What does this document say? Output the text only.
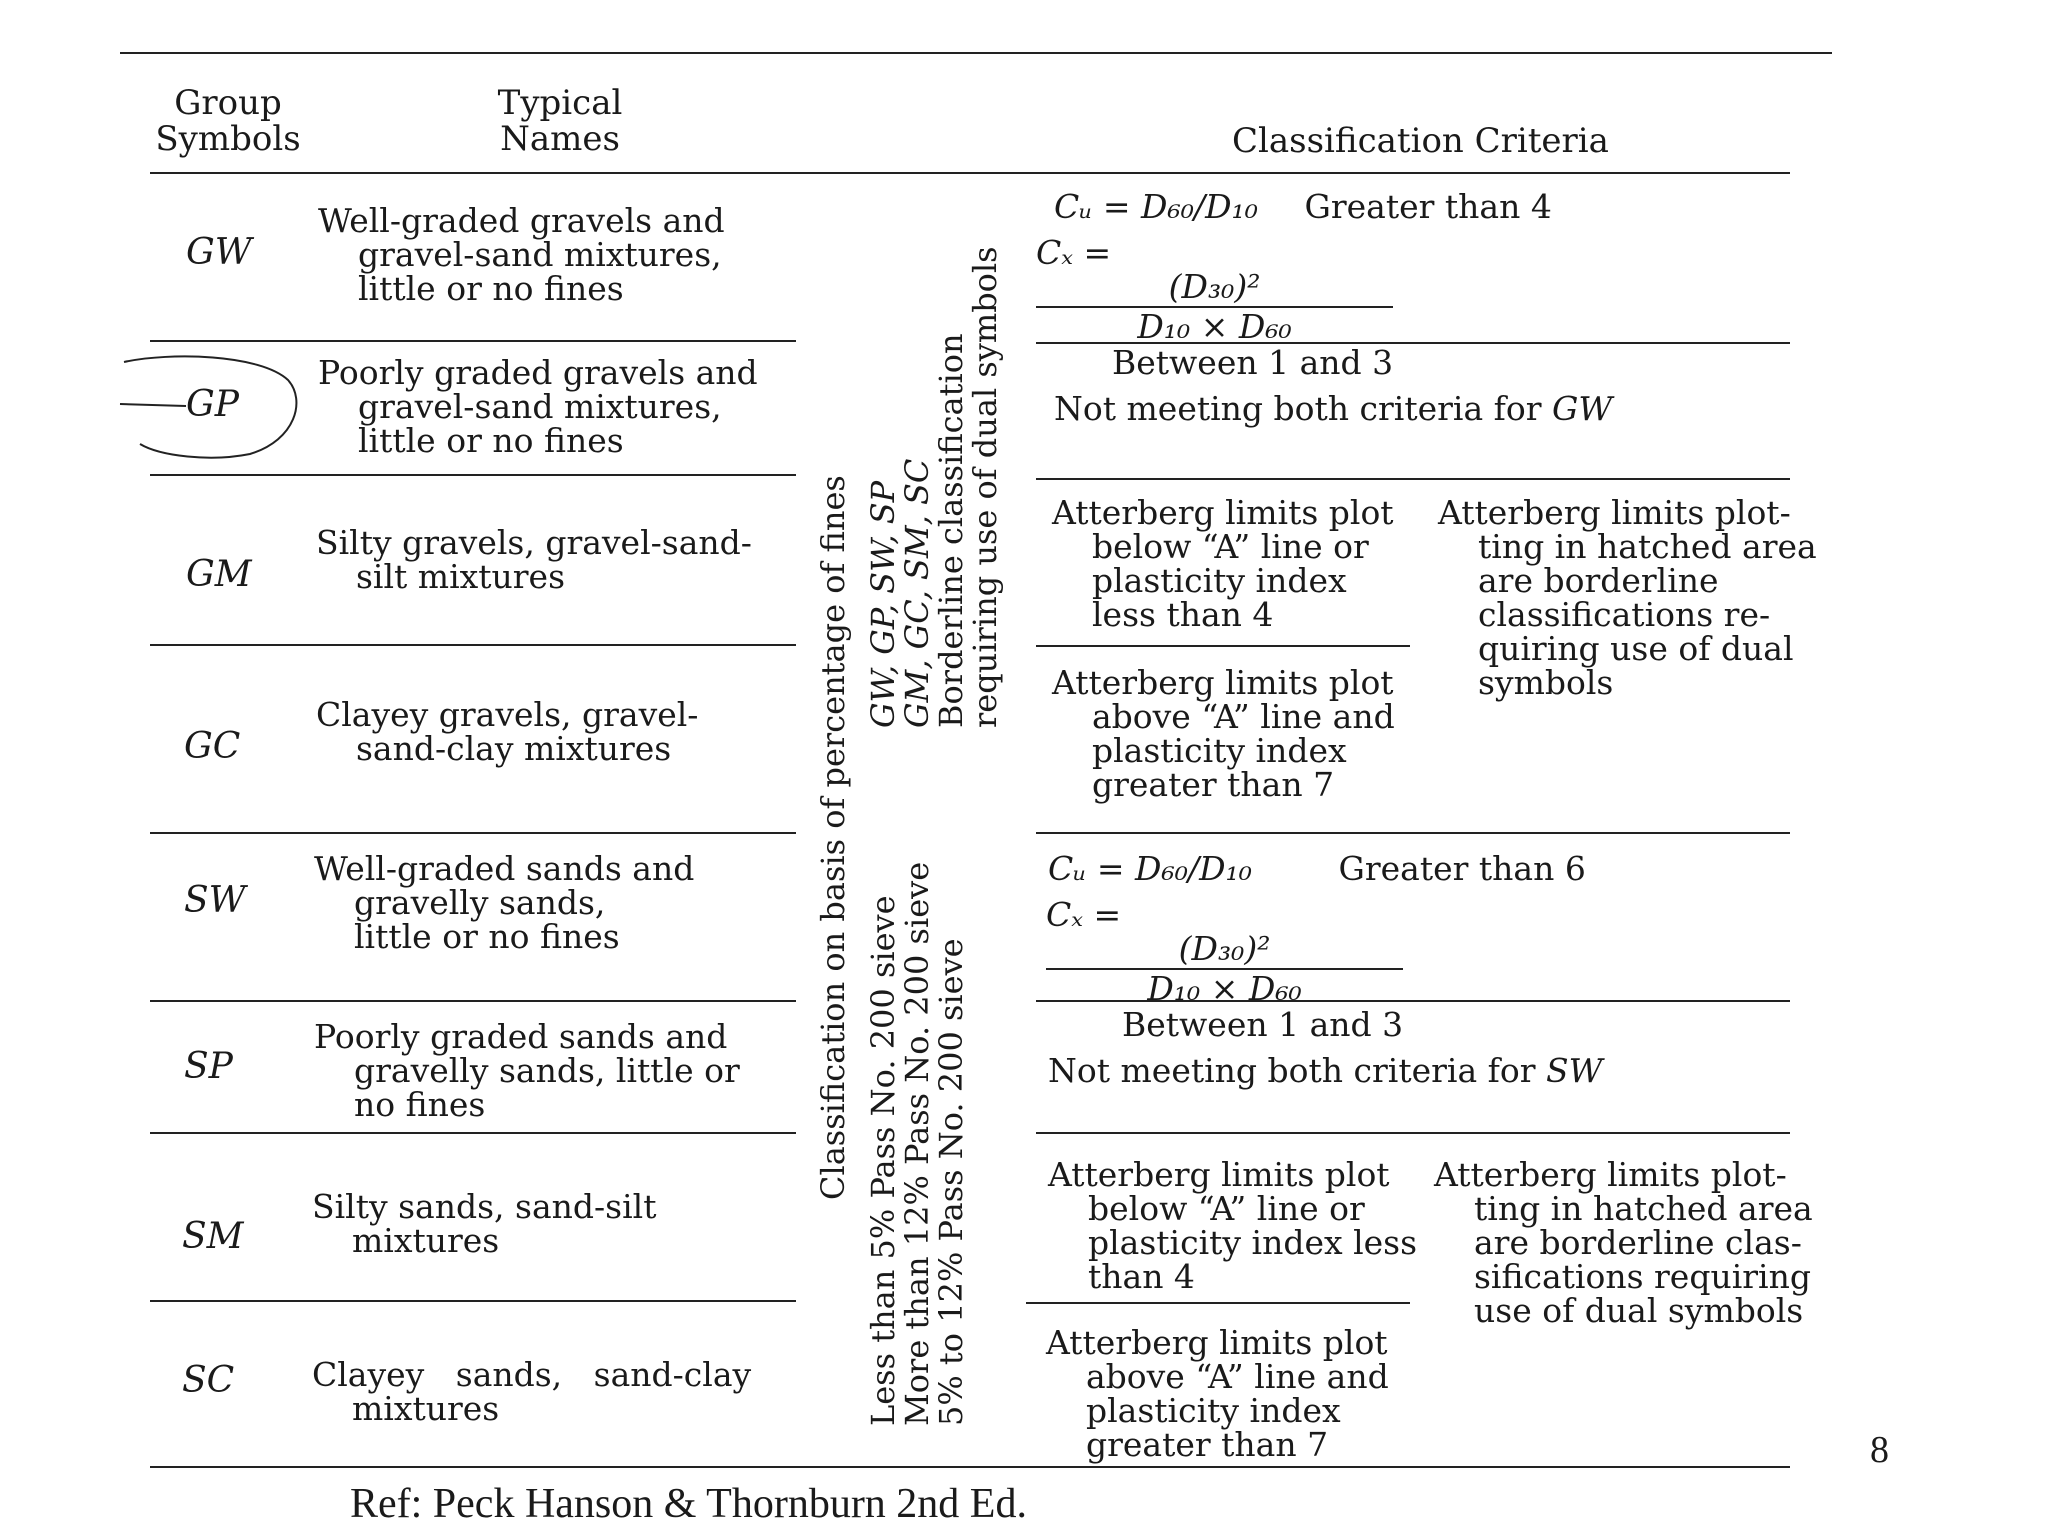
Group Symbols
Typical Names	Classification Criteria
GW
Well-graded gravels and
gravel-sand mixtures,
little or no fines
GP
Poorly graded gravels and
gravel-sand mixtures,
little or no fines
GM
Silty gravels, gravel-sand-
silt mixtures
GC
Clayey gravels, gravel-
sand-clay mixtures
SW
Well-graded sands and
gravelly sands,
little or no fines
SP
Poorly graded sands and
gravelly sands, little or
no fines
SM
Silty sands, sand-silt
mixtures
SC Clayey   sands,   sand-clay
mixtures
Classification on basis of percentage of fines Less than 5% Pass No. 200 sieve
More than 12% Pass No. 200 sieve
5% to 12% Pass No. 200 sieve
GW, GP, SW, SP
GM, GC, SM, SC
Borderline classification
requiring use of dual symbols
Cᵤ = D₆₀/D₁₀ Greater than 4
Cₓ =
(D₃₀)²
D₁₀ × D₆₀
Between 1 and 3
Not meeting both criteria for GW
Atterberg limits plot
below “A” line or
plasticity index
less than 4
Atterberg limits plot
above “A” line and
plasticity index
greater than 7
Atterberg limits plot-
ting in hatched area
are borderline
classifications re-
quiring use of dual
symbols
Cᵤ = D₆₀/D₁₀	Greater than 6
Cₓ =
(D₃₀)²
D₁₀ × D₆₀
Between 1 and 3
Not meeting both criteria for SW
Atterberg limits plot
below “A” line or
plasticity index less
than 4
Atterberg limits plot
above “A” line and
plasticity index
greater than 7
Atterberg limits plot-
ting in hatched area
are borderline clas-
sifications requiring
use of dual symbols
8
Ref: Peck Hanson & Thornburn 2nd Ed.
